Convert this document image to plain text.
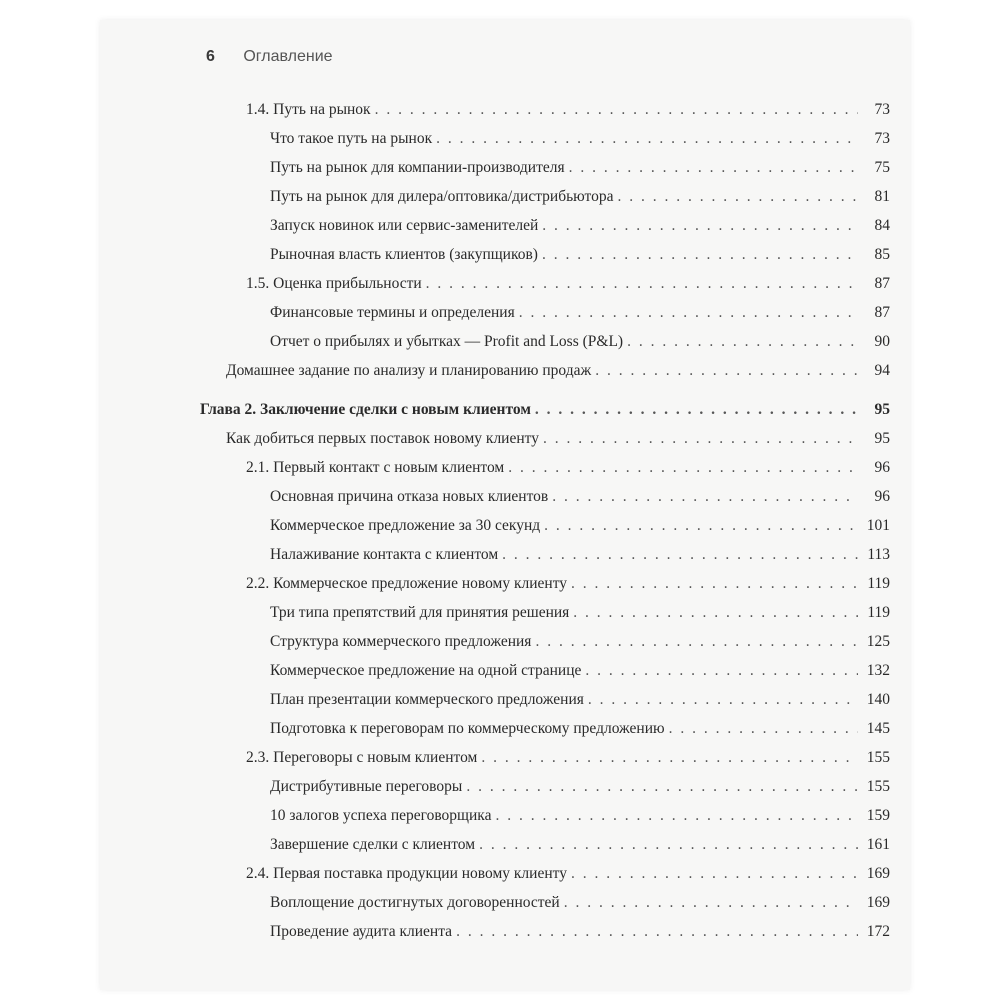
6 Оглавление
1.4. Путь на рынок . . .	73
Что такое путь на рынок . . .	73
Путь на рынок для компании-производителя . . .	75
Путь на рынок для дилера/оптовика/дистрибьютора . . .	81
Запуск новинок или сервис-заменителей . . .	84
Рыночная власть клиентов (закупщиков) . . .	85
1.5. Оценка прибыльности . . .	87
Финансовые термины и определения . . .	87
Отчет о прибылях и убытках — Profit and Loss (P&L) . . .	90
Домашнее задание по анализу и планированию продаж . . .	94
Глава 2. Заключение сделки с новым клиентом . . .	95
Как добиться первых поставок новому клиенту . . .	95
2.1. Первый контакт с новым клиентом . . .	96
Основная причина отказа новых клиентов . . .	96
Коммерческое предложение за 30 секунд . . .	101
Налаживание контакта с клиентом . . .	113
2.2. Коммерческое предложение новому клиенту . . .	119
Три типа препятствий для принятия решения . . .	119
Структура коммерческого предложения . . .	125
Коммерческое предложение на одной странице . . .	132
План презентации коммерческого предложения . . .	140
Подготовка к переговорам по коммерческому предложению . . .	145
2.3. Переговоры с новым клиентом . . .	155
Дистрибутивные переговоры . . .	155
10 залогов успеха переговорщика . . .	159
Завершение сделки с клиентом . . .	161
2.4. Первая поставка продукции новому клиенту . . .	169
Воплощение достигнутых договоренностей . . .	169
Проведение аудита клиента . . .	172
